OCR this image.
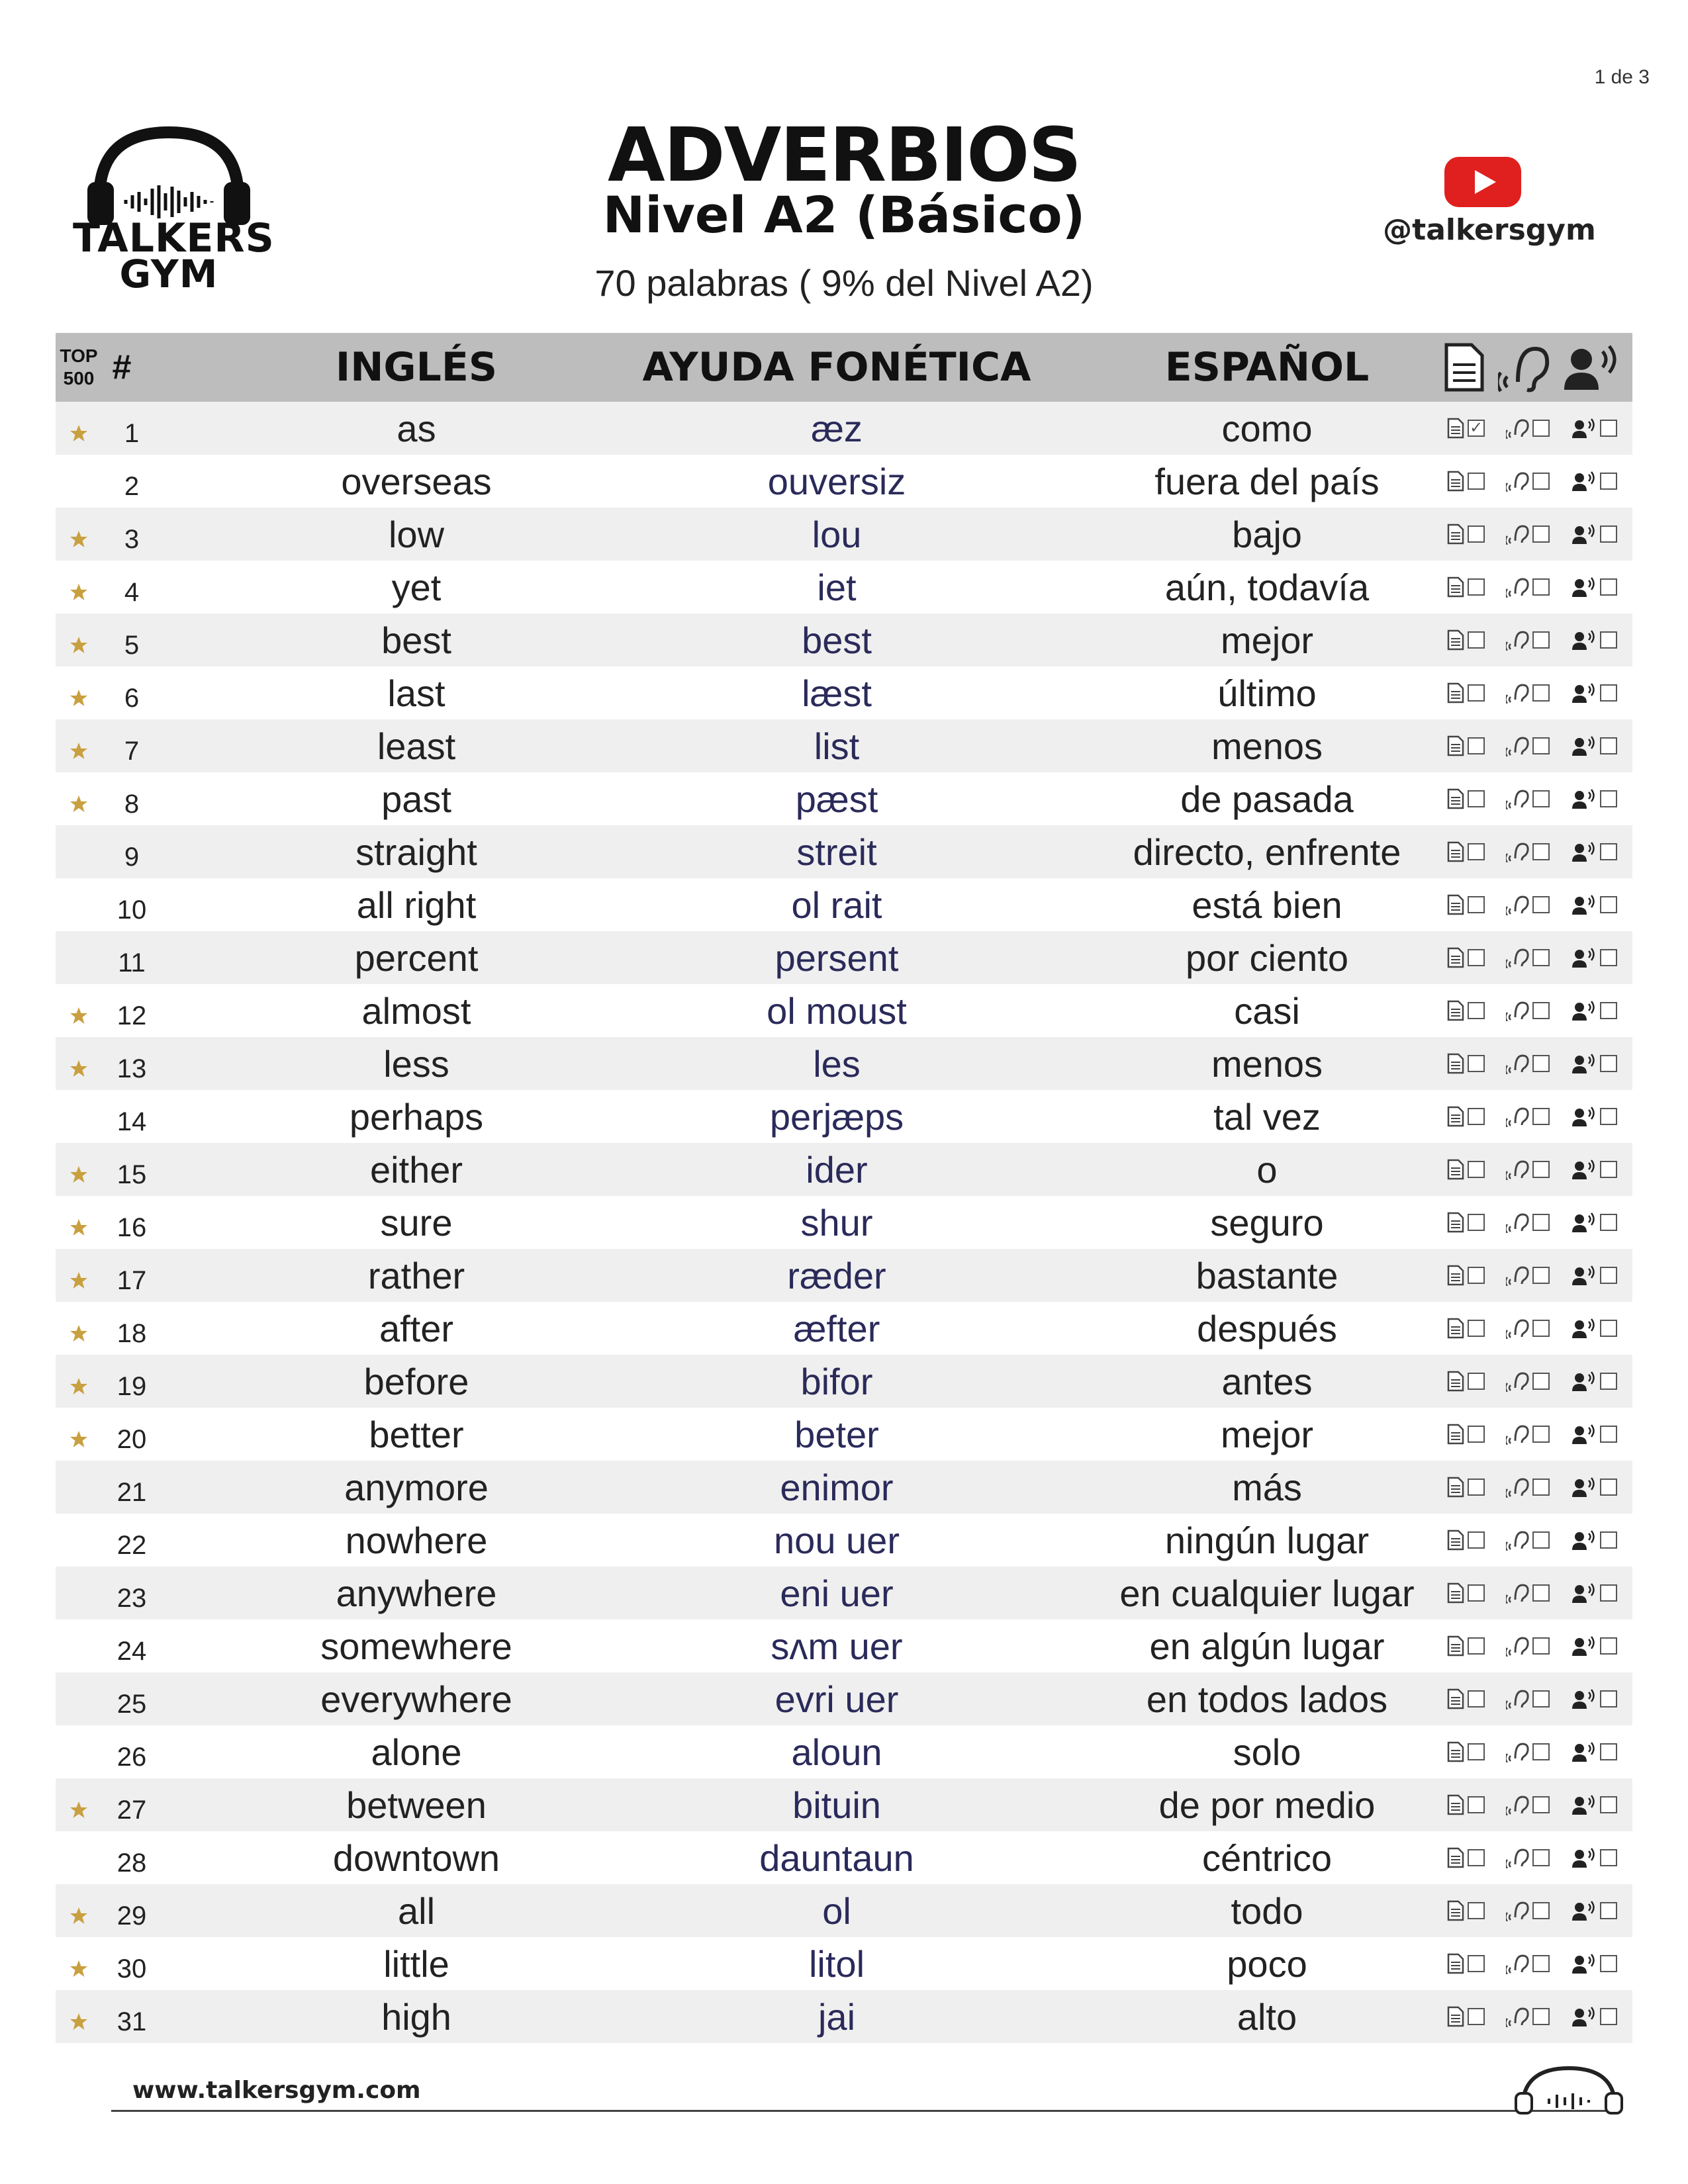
1 de 3
TALKERS
GYM
ADVERBIOS
Nivel A2 (Básico)
70 palabras ( 9% del Nivel A2)
@talkersgym
TOP
500 #	INGLÉS	AYUDA FONÉTICA	ESPAÑOL
1	as	æz	como	✓
2	overseas	ouversiz	fuera del país
3	low	lou	bajo
4	yet	iet	aún, todavía
5	best	best	mejor
6	last	læst	último
7	least	list	menos
8	past	pæst	de pasada
9	straight	streit	directo, enfrente
10	all right	ol rait	está bien
11	percent	persent	por ciento
12	almost	ol moust	casi
13	less	les	menos
14	perhaps	perjæps	tal vez
15	either	ider	o
16	sure	shur	seguro
17	rather	ræder	bastante
18	after	æfter	después
19	before	bifor	antes
20	better	beter	mejor
21	anymore	enimor	más
22	nowhere	nou uer	ningún lugar
23	anywhere	eni uer	en cualquier lugar
24	somewhere	sʌm uer	en algún lugar
25	everywhere	evri uer	en todos lados
26	alone	aloun	solo
27	between	bituin	de por medio
28	downtown	dauntaun	céntrico
29	all	ol	todo
30	little	litol	poco
31	high	jai	alto
www.talkersgym.com
